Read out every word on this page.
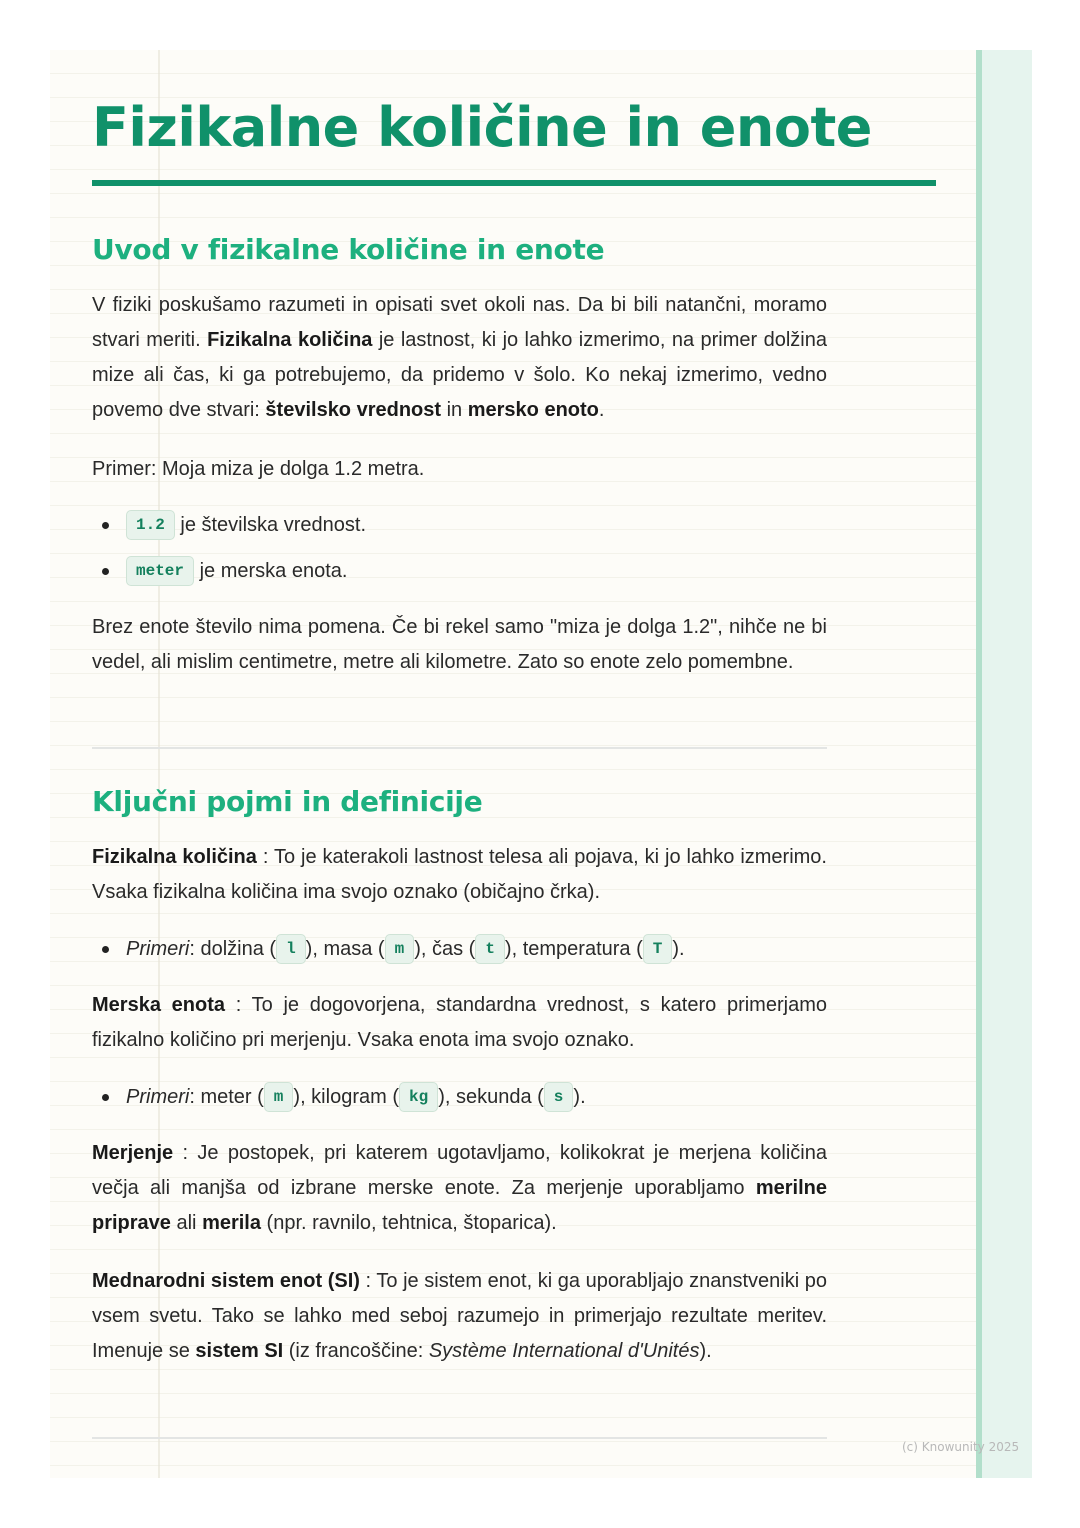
Fizikalne količine in enote
Uvod v fizikalne količine in enote

V fiziki poskušamo razumeti in opisati svet okoli nas. Da bi bili natančni, moramo stvari meriti. Fizikalna količina je lastnost, ki jo lahko izmerimo, na primer dolžina mize ali čas, ki ga potrebujemo, da pridemo v šolo. Ko nekaj izmerimo, vedno povemo dve stvari: številsko vrednost in mersko enoto.

Primer: Moja miza je dolga 1.2 metra.

1.2 je številska vrednost.
meter je merska enota.

Brez enote število nima pomena. Če bi rekel samo "miza je dolga 1.2", nihče ne bi vedel, ali mislim centimetre, metre ali kilometre. Zato so enote zelo pomembne.

Ključni pojmi in definicije

Fizikalna količina : To je katerakoli lastnost telesa ali pojava, ki jo lahko izmerimo. Vsaka fizikalna količina ima svojo oznako (običajno črka).

Primeri: dolžina ( l ), masa ( m ), čas ( t ), temperatura ( T ).

Merska enota : To je dogovorjena, standardna vrednost, s katero primerjamo fizikalno količino pri merjenju. Vsaka enota ima svojo oznako.

Primeri: meter ( m ), kilogram ( kg ), sekunda ( s ).

Merjenje : Je postopek, pri katerem ugotavljamo, kolikokrat je merjena količina večja ali manjša od izbrane merske enote. Za merjenje uporabljamo merilne priprave ali merila (npr. ravnilo, tehtnica, štoparica).

Mednarodni sistem enot (SI) : To je sistem enot, ki ga uporabljajo znanstveniki po vsem svetu. Tako se lahko med seboj razumejo in primerjajo rezultate meritev. Imenuje se sistem SI (iz francoščine: Système International d'Unités).

(c) Knowunity 2025
